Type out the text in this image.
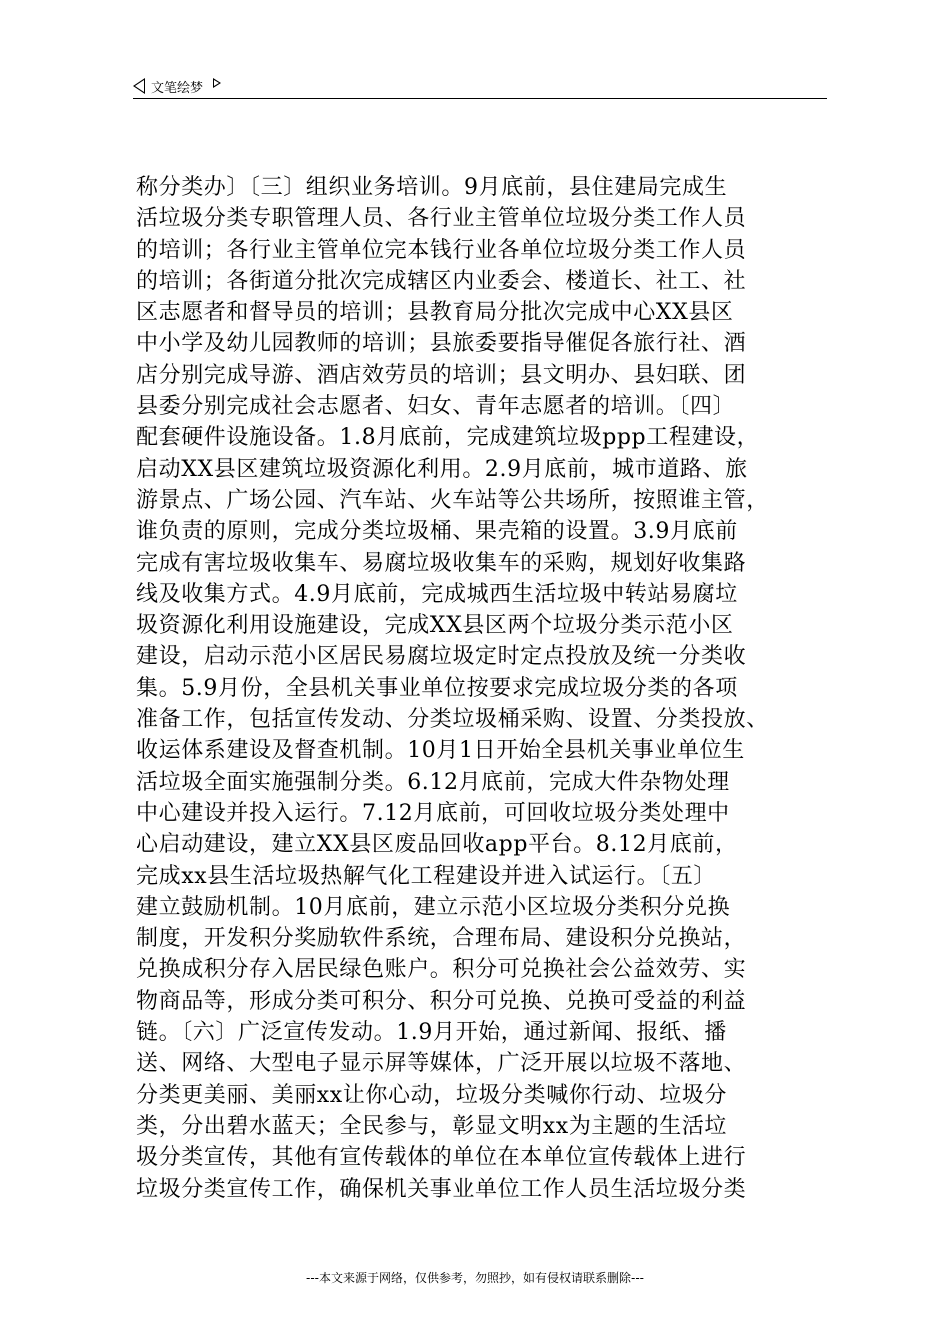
文笔绘梦
称分类办〕〔三〕组织业务培训。9月底前，县住建局完成生
活垃圾分类专职管理人员、各行业主管单位垃圾分类工作人员
的培训；各行业主管单位完本钱行业各单位垃圾分类工作人员
的培训；各街道分批次完成辖区内业委会、楼道长、社工、社
区志愿者和督导员的培训；县教育局分批次完成中心XX县区
中小学及幼儿园教师的培训；县旅委要指导催促各旅行社、酒
店分别完成导游、酒店效劳员的培训；县文明办、县妇联、团
县委分别完成社会志愿者、妇女、青年志愿者的培训。〔四〕
配套硬件设施设备。1.8月底前，完成建筑垃圾ppp工程建设，
启动XX县区建筑垃圾资源化利用。2.9月底前，城市道路、旅
游景点、广场公园、汽车站、火车站等公共场所，按照谁主管，
谁负责的原则，完成分类垃圾桶、果壳箱的设置。3.9月底前
完成有害垃圾收集车、易腐垃圾收集车的采购，规划好收集路
线及收集方式。4.9月底前，完成城西生活垃圾中转站易腐垃
圾资源化利用设施建设，完成XX县区两个垃圾分类示范小区
建设，启动示范小区居民易腐垃圾定时定点投放及统一分类收
集。5.9月份，全县机关事业单位按要求完成垃圾分类的各项
准备工作，包括宣传发动、分类垃圾桶采购、设置、分类投放、
收运体系建设及督查机制。10月1日开始全县机关事业单位生
活垃圾全面实施强制分类。6.12月底前，完成大件杂物处理
中心建设并投入运行。7.12月底前，可回收垃圾分类处理中
心启动建设，建立XX县区废品回收app平台。8.12月底前，
完成xx县生活垃圾热解气化工程建设并进入试运行。〔五〕
建立鼓励机制。10月底前，建立示范小区垃圾分类积分兑换
制度，开发积分奖励软件系统，合理布局、建设积分兑换站，
兑换成积分存入居民绿色账户。积分可兑换社会公益效劳、实
物商品等，形成分类可积分、积分可兑换、兑换可受益的利益
链。〔六〕广泛宣传发动。1.9月开始，通过新闻、报纸、播
送、网络、大型电子显示屏等媒体，广泛开展以垃圾不落地、
分类更美丽、美丽xx让你心动，垃圾分类喊你行动、垃圾分
类，分出碧水蓝天；全民参与，彰显文明xx为主题的生活垃
圾分类宣传，其他有宣传载体的单位在本单位宣传载体上进行
垃圾分类宣传工作，确保机关事业单位工作人员生活垃圾分类
---本文来源于网络，仅供参考，勿照抄，如有侵权请联系删除---
